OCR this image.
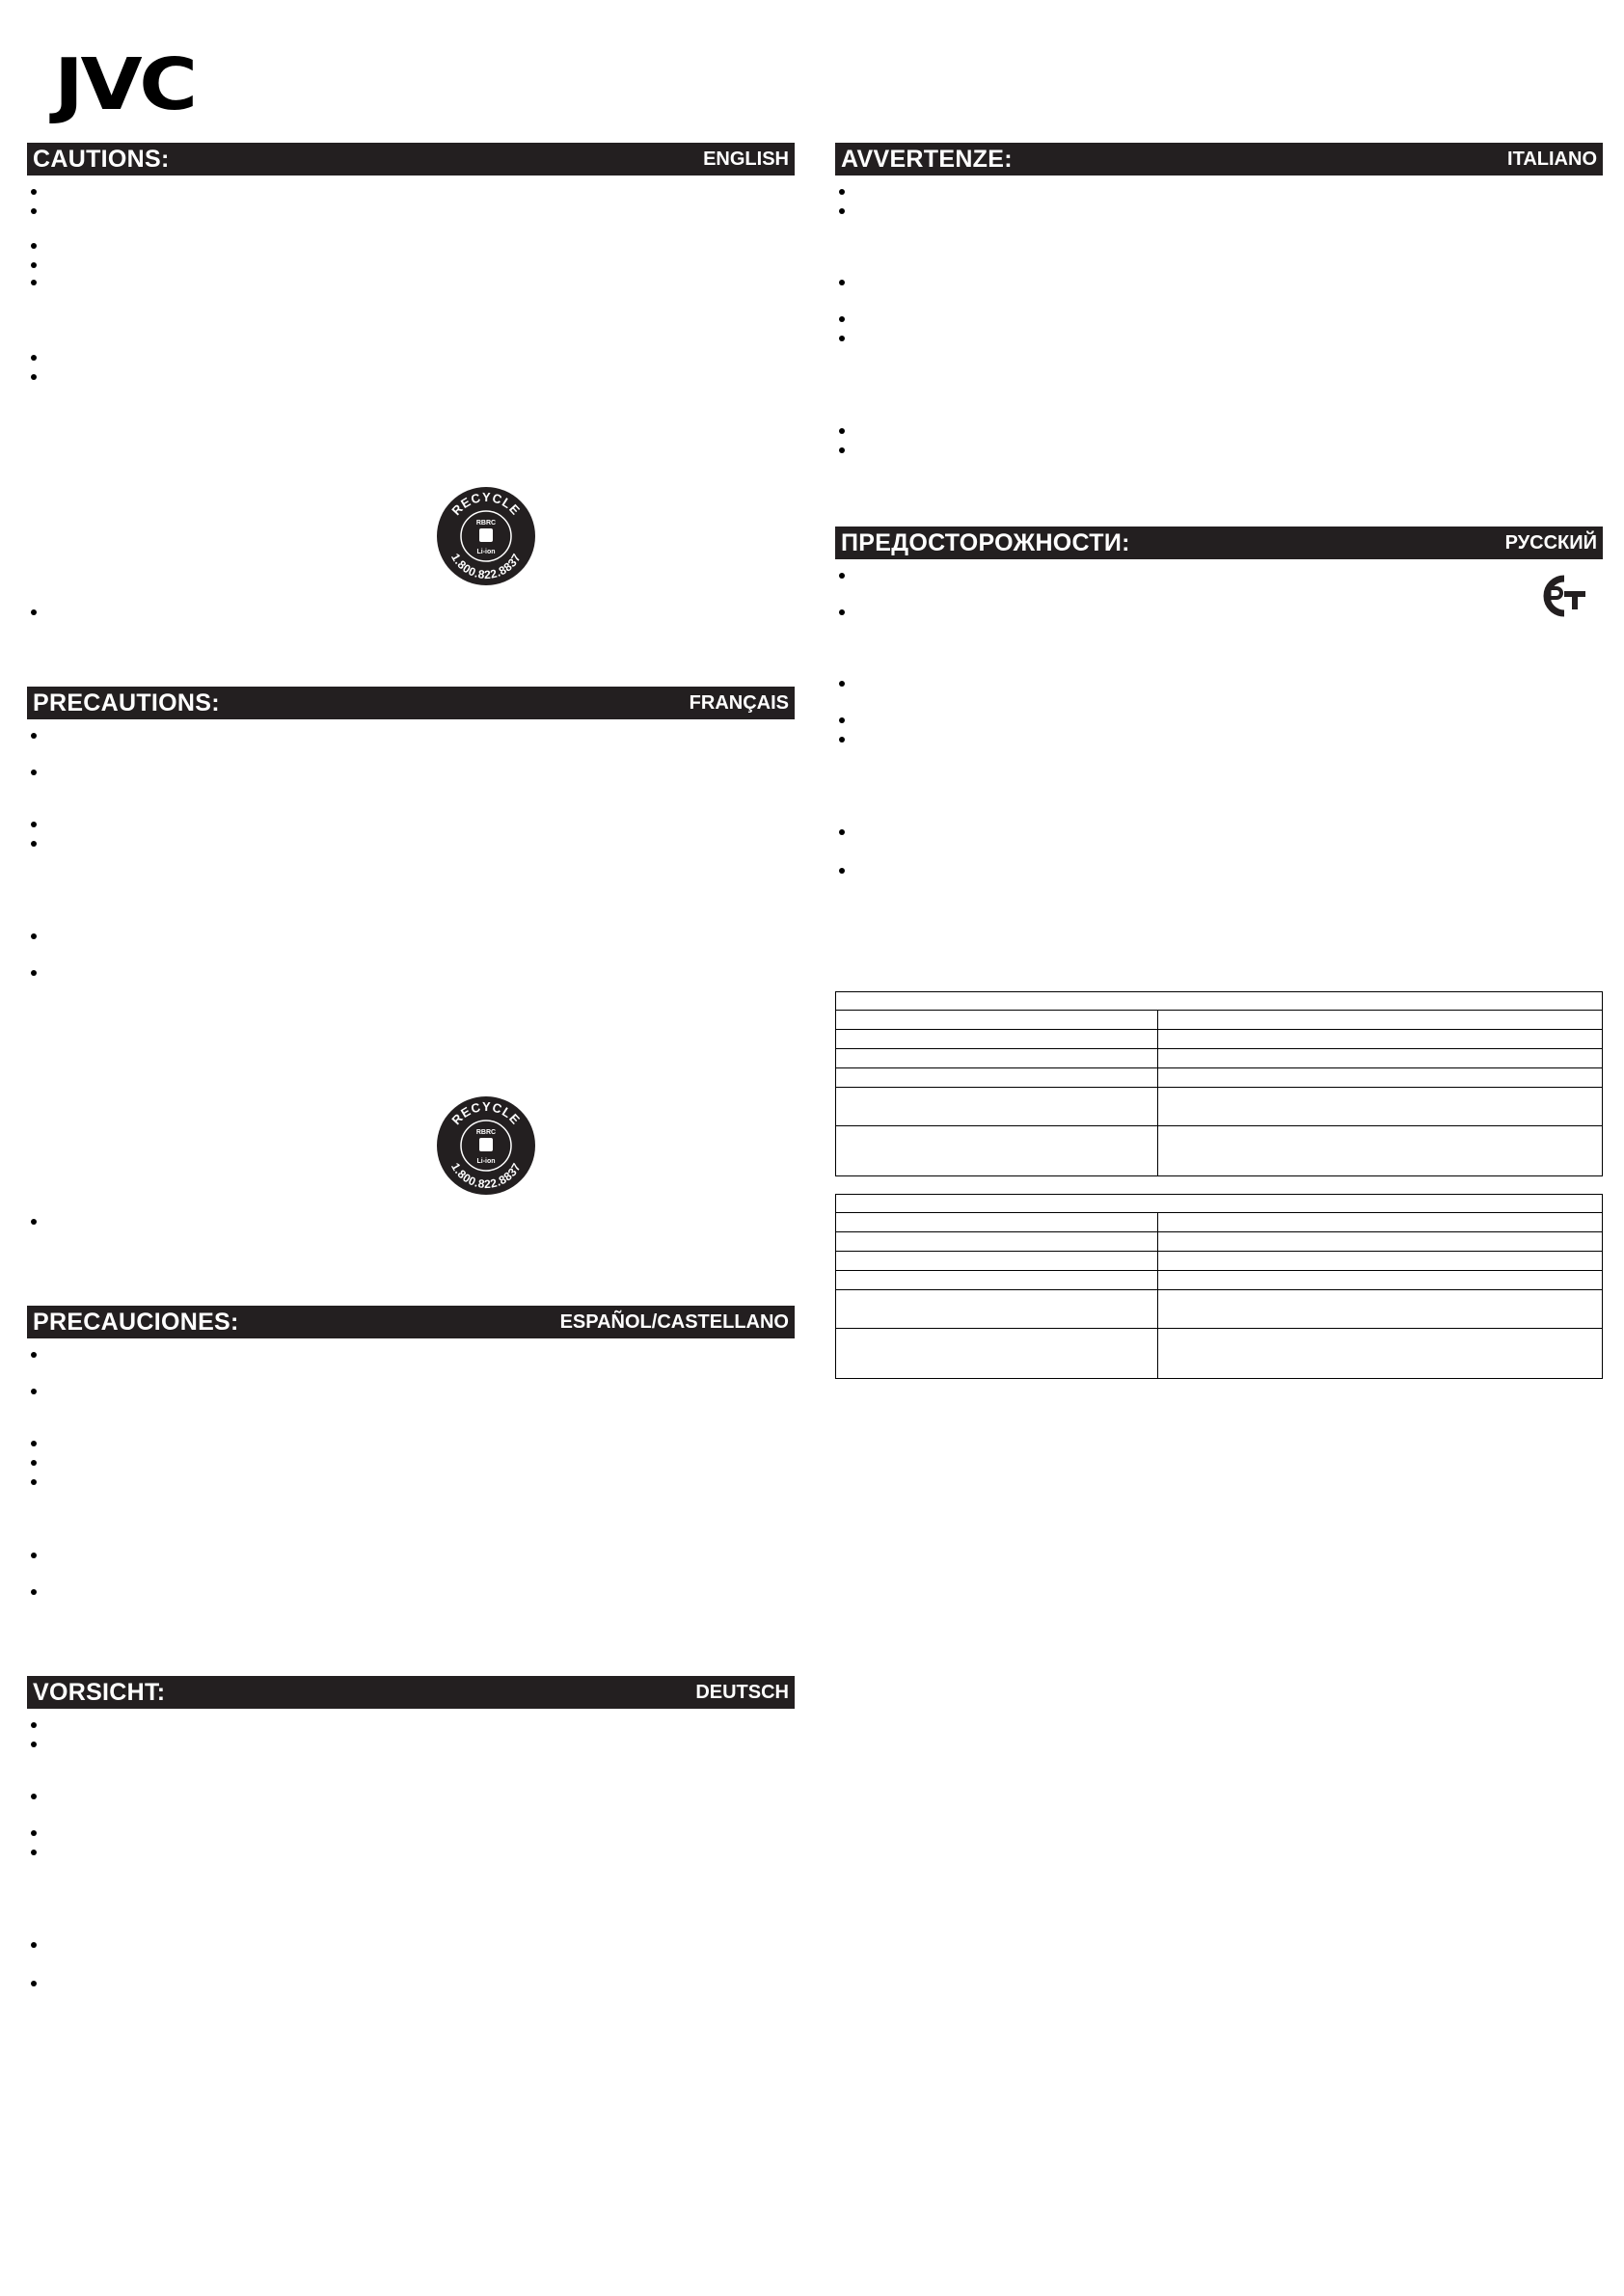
JVC
CAUTIONS:	ENGLISH
RECYCLE
1.800.822.8837
RBRC
Li-ion
PRECAUTIONS:	FRANÇAIS
RECYCLE
1.800.822.8837
RBRC
Li-ion
PRECAUCIONES:	ESPAÑOL/CASTELLANO
VORSICHT:	DEUTSCH
AVVERTENZE:	ITALIANO
ПРЕДОСТОРОЖНОСТИ:	РУССКИЙ
